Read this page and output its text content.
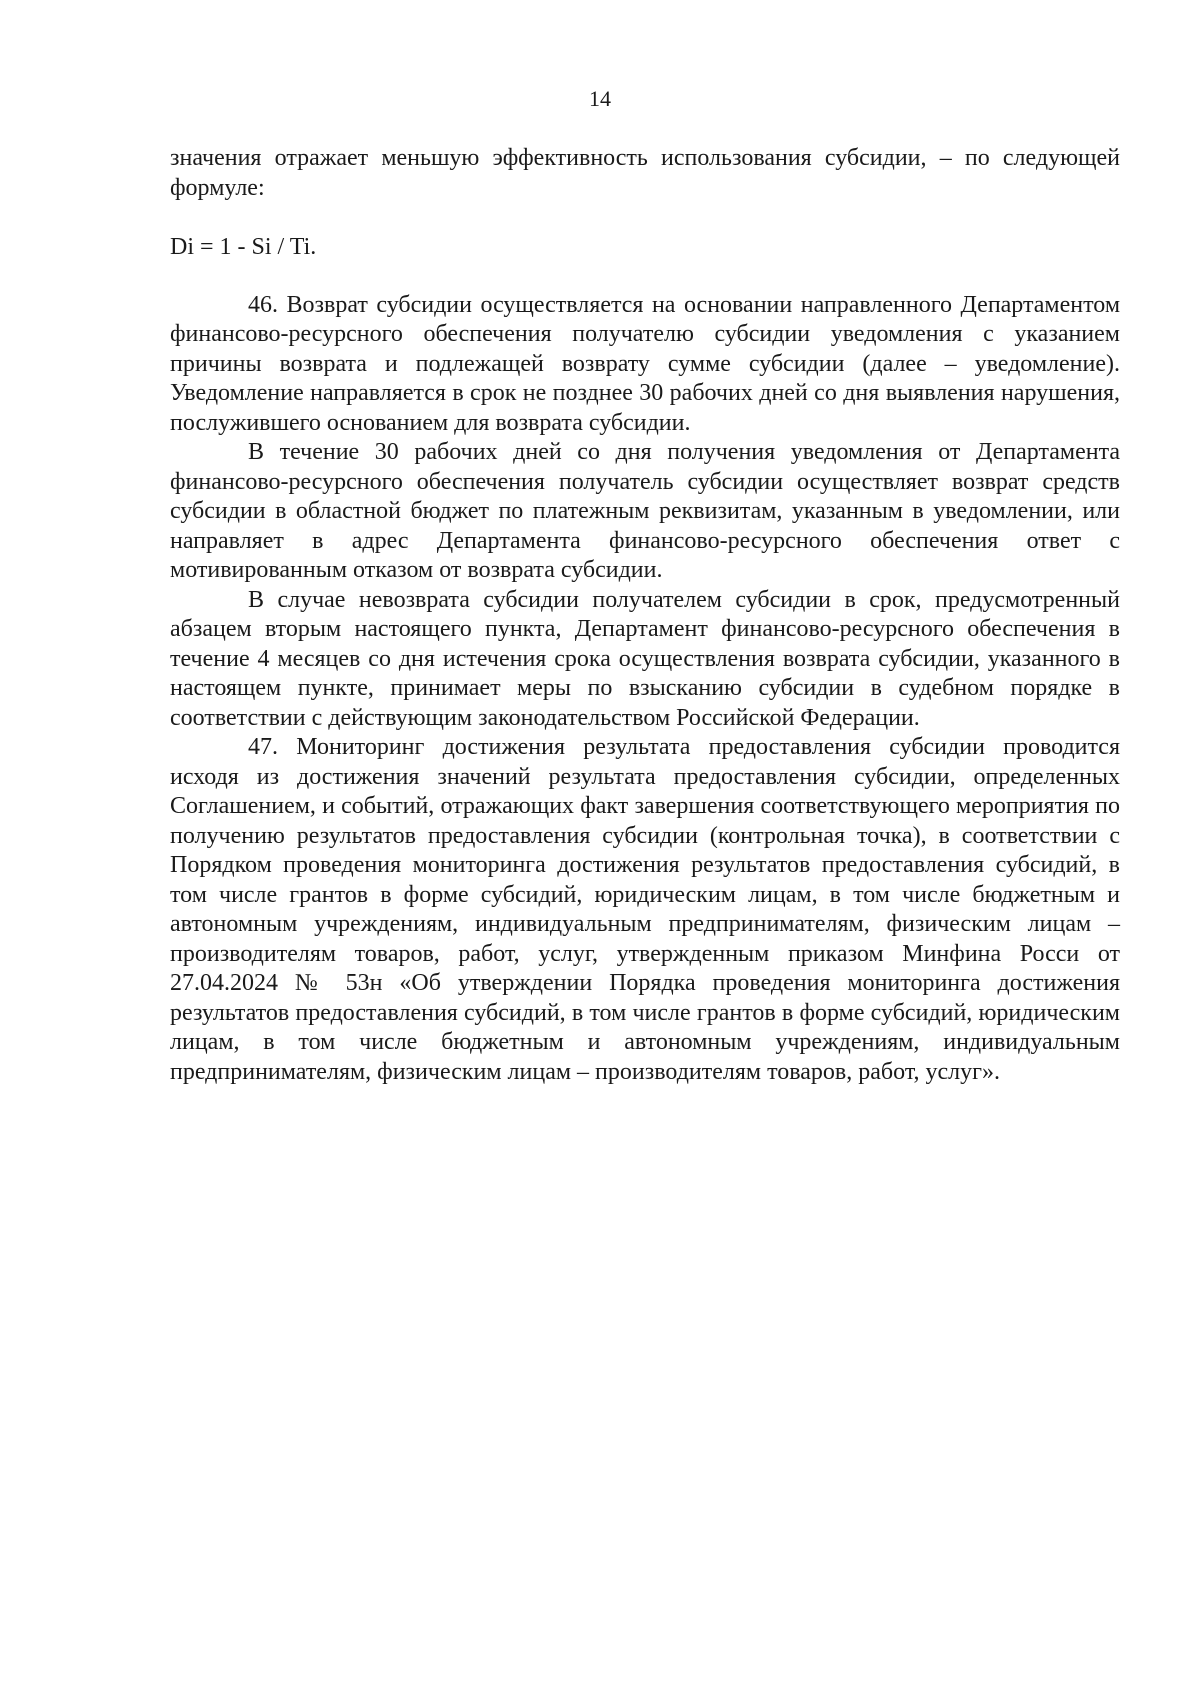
14

значения отражает меньшую эффективность использования субсидии, – по следующей формуле:

Di = 1 - Si / Ti.

46. Возврат субсидии осуществляется на основании направленного Департаментом финансово-ресурсного обеспечения получателю субсидии уведомления с указанием причины возврата и подлежащей возврату сумме субсидии (далее – уведомление). Уведомление направляется в срок не позднее 30 рабочих дней со дня выявления нарушения, послужившего основанием для возврата субсидии.

В течение 30 рабочих дней со дня получения уведомления от Департамента финансово-ресурсного обеспечения получатель субсидии осуществляет возврат средств субсидии в областной бюджет по платежным реквизитам, указанным в уведомлении, или направляет в адрес Департамента финансово-ресурсного обеспечения ответ с мотивированным отказом от возврата субсидии.

В случае невозврата субсидии получателем субсидии в срок, предусмотренный абзацем вторым настоящего пункта, Департамент финансово-ресурсного обеспечения в течение 4 месяцев со дня истечения срока осуществления возврата субсидии, указанного в настоящем пункте, принимает меры по взысканию субсидии в судебном порядке в соответствии с действующим законодательством Российской Федерации.

47. Мониторинг достижения результата предоставления субсидии проводится исходя из достижения значений результата предоставления субсидии, определенных Соглашением, и событий, отражающих факт завершения соответствующего мероприятия по получению результатов предоставления субсидии (контрольная точка), в соответствии с Порядком проведения мониторинга достижения результатов предоставления субсидий, в том числе грантов в форме субсидий, юридическим лицам, в том числе бюджетным и автономным учреждениям, индивидуальным предпринимателям, физическим лицам – производителям товаров, работ, услуг, утвержденным приказом Минфина Росси от 27.04.2024 № 53н «Об утверждении Порядка проведения мониторинга достижения результатов предоставления субсидий, в том числе грантов в форме субсидий, юридическим лицам, в том числе бюджетным и автономным учреждениям, индивидуальным предпринимателям, физическим лицам – производителям товаров, работ, услуг».
